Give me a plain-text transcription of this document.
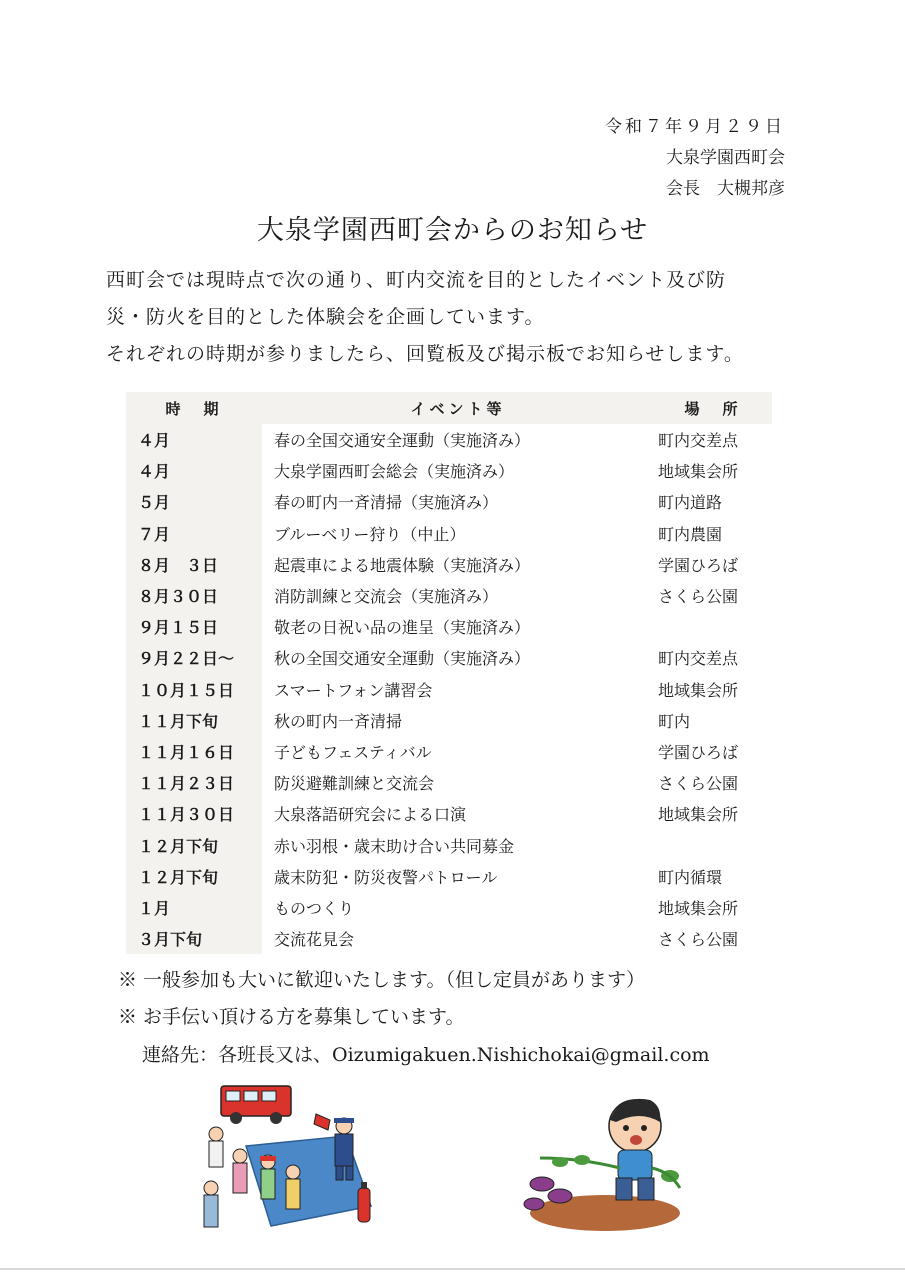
令和７年９月２９日
大泉学園西町会
会長　大槻邦彦
大泉学園西町会からのお知らせ

西町会では現時点で次の通り、町内交流を目的としたイベント及び防

災・防火を目的とした体験会を企画しています。

それぞれの時期が参りましたら、回覧板及び掲示板でお知らせします。

時　期	イベント等	場　所
４月	春の全国交通安全運動（実施済み）	町内交差点
４月	大泉学園西町会総会（実施済み）	地域集会所
５月	春の町内一斉清掃（実施済み）	町内道路
７月	ブルーベリー狩り（中止）	町内農園
８月　３日	起震車による地震体験（実施済み）	学園ひろば
８月３０日	消防訓練と交流会（実施済み）	さくら公園
９月１５日	敬老の日祝い品の進呈（実施済み）	
９月２２日～	秋の全国交通安全運動（実施済み）	町内交差点
１０月１５日	スマートフォン講習会	地域集会所
１１月下旬	秋の町内一斉清掃	町内
１１月１６日	子どもフェスティバル	学園ひろば
１１月２３日	防災避難訓練と交流会	さくら公園
１１月３０日	大泉落語研究会による口演	地域集会所
１２月下旬	赤い羽根・歳末助け合い共同募金	
１２月下旬	歳末防犯・防災夜警パトロール	町内循環
１月	ものつくり	地域集会所
３月下旬	交流花見会	さくら公園

※ 一般参加も大いに歓迎いたします。（但し定員があります）

※ お手伝い頂ける方を募集しています。

連絡先：各班長又は、Oizumigakuen.Nishichokai@gmail.com
